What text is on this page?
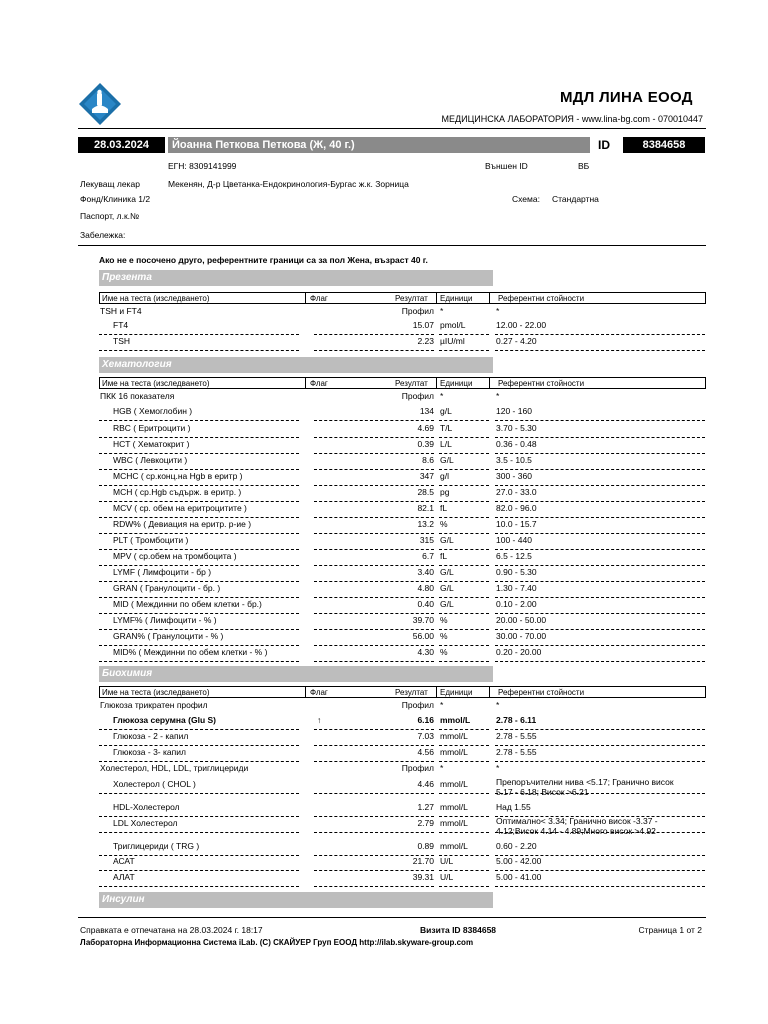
МДЛ ЛИНА ЕООД
МЕДИЦИНСКА ЛАБОРАТОРИЯ - www.lina-bg.com - 070010447
28.03.2024	Йоанна Петкова Петкова (Ж, 40 г.)	ID	8384658
ЕГН: 8309141999	Външен ID	ВБ
Лекуващ лекар	Мекенян, Д-р Цветанка-Ендокринология-Бургас ж.к. Зорница
Фонд/Клиника 1/2	Схема: Стандартна
Паспорт, л.к.№
Забележка:
Ако не е посочено друго, референтните граници са за пол Жена, възраст 40 г.
Презента
Име на теста (изследването)	Флаг	Резултат Единици	Референтни стойности
TSH и FT4	Профил *	*
FT4	15.07 pmol/L	12.00 - 22.00
TSH	2.23 µIU/ml	0.27 - 4.20
Хематология
Име на теста (изследването)	Флаг	Резултат Единици	Референтни стойности
ПКК 16 показателя	Профил *	*
HGB ( Хемоглобин )	134 g/L	120 - 160
RBC ( Еритроцити )	4.69 T/L	3.70 - 5.30
HCT ( Хематокрит )	0.39 L/L	0.36 - 0.48
WBC ( Левкоцити )	8.6 G/L	3.5 - 10.5
MCHC ( ср.конц.на Hgb в еритр )	347 g/l	300 - 360
MCH ( ср.Hgb съдърж. в еритр. )	28.5 pg	27.0 - 33.0
MCV ( ср. обем на еритроцитите )	82.1 fL	82.0 - 96.0
RDW% ( Девиация на еритр. р-ие )	13.2 %	10.0 - 15.7
PLT ( Тромбоцити )	315 G/L	100 - 440
MPV ( ср.обем на тромбоцита )	6.7 fL	6.5 - 12.5
LYMF ( Лимфоцити - бр )	3.40 G/L	0.90 - 5.30
GRAN ( Гранулоцити - бр. )	4.80 G/L	1.30 - 7.40
MID ( Междинни по обем клетки - бр.)	0.40 G/L	0.10 - 2.00
LYMF% ( Лимфоцити - % )	39.70 %	20.00 - 50.00
GRAN% ( Гранулоцити - % )	56.00 %	30.00 - 70.00
MID% ( Междинни по обем клетки - % )	4.30 %	0.20 - 20.00
Биохимия
Име на теста (изследването)	Флаг	Резултат Единици	Референтни стойности
Глюкоза трикратен профил	Профил *	*
Глюкоза серумна (Glu S)	↑	6.16 mmol/L	2.78 - 6.11
Глюкоза - 2 - капил	7.03 mmol/L	2.78 - 5.55
Глюкоза - 3- капил	4.56 mmol/L	2.78 - 5.55
Холестерол, HDL, LDL, триглицериди	Профил *	*
Холестерол ( CHOL )	4.46 mmol/L	Препоръчителни нива <5.17; Гранично висок
5.17 - 6.18; Висок >6.21
HDL-Холестерол	1.27 mmol/L	Над 1.55
LDL Холестерол	2.79 mmol/L	Оптимално< 3.34; Гранично висок -3.37 -
4.12;Висок 4.14 - 4.89;Много висок >4.92
Триглицериди ( TRG )	0.89 mmol/L	0.60 - 2.20
АСАТ	21.70 U/L	5.00 - 42.00
АЛАТ	39.31 U/L	5.00 - 41.00
Инсулин
Справката е отпечатана на 28.03.2024 г. 18:17	Визита ID 8384658	Страница 1 от 2
Лабораторна Информационна Система iLab. (С) СКАЙУЕР Груп ЕООД http://ilab.skyware-group.com
